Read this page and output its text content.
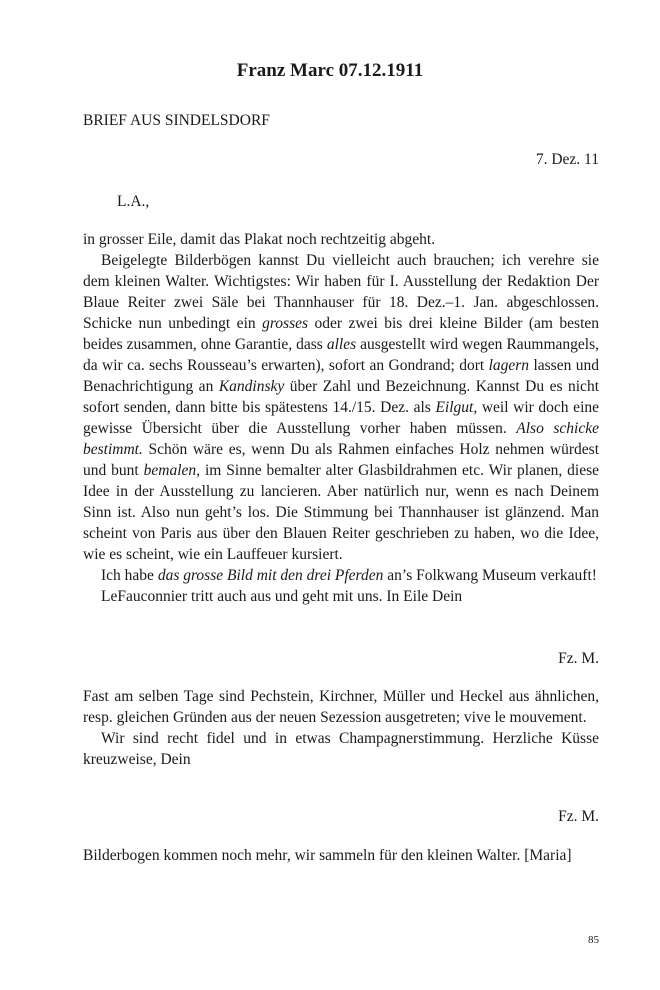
Franz Marc 07.12.1911

BRIEF AUS SINDELSDORF

7. Dez. 11

L.A.,

in grosser Eile, damit das Plakat noch rechtzeitig abgeht.

Beigelegte Bilderbögen kannst Du vielleicht auch brauchen; ich verehre sie dem kleinen Walter. Wichtigstes: Wir haben für I. Ausstellung der Redaktion Der Blaue Reiter zwei Säle bei Thannhauser für 18. Dez.–1. Jan. abgeschlossen. Schicke nun unbedingt ein grosses oder zwei bis drei kleine Bilder (am besten beides zusammen, ohne Garantie, dass alles ausgestellt wird wegen Raummangels, da wir ca. sechs Rousseau’s erwarten), sofort an Gondrand; dort lagern lassen und Benachrichtigung an Kandinsky über Zahl und Bezeichnung. Kannst Du es nicht sofort senden, dann bitte bis spätestens 14./15. Dez. als Eilgut, weil wir doch eine gewisse Übersicht über die Ausstellung vorher haben müssen. Also schicke bestimmt. Schön wäre es, wenn Du als Rahmen einfaches Holz nehmen würdest und bunt bemalen, im Sinne bemalter alter Glasbildrahmen etc. Wir planen, diese Idee in der Ausstellung zu lancieren. Aber natürlich nur, wenn es nach Deinem Sinn ist. Also nun geht’s los. Die Stimmung bei Thannhauser ist glänzend. Man scheint von Paris aus über den Blauen Reiter geschrieben zu haben, wo die Idee, wie es scheint, wie ein Lauffeuer kursiert.

Ich habe das grosse Bild mit den drei Pferden an’s Folkwang Museum verkauft!

LeFauconnier tritt auch aus und geht mit uns. In Eile Dein

Fz. M.

Fast am selben Tage sind Pechstein, Kirchner, Müller und Heckel aus ähnlichen, resp. gleichen Gründen aus der neuen Sezession ausgetreten; vive le mouvement.

Wir sind recht fidel und in etwas Champagnerstimmung. Herzliche Küsse kreuzweise, Dein

Fz. M.

Bilderbogen kommen noch mehr, wir sammeln für den kleinen Walter. [Maria]

85
